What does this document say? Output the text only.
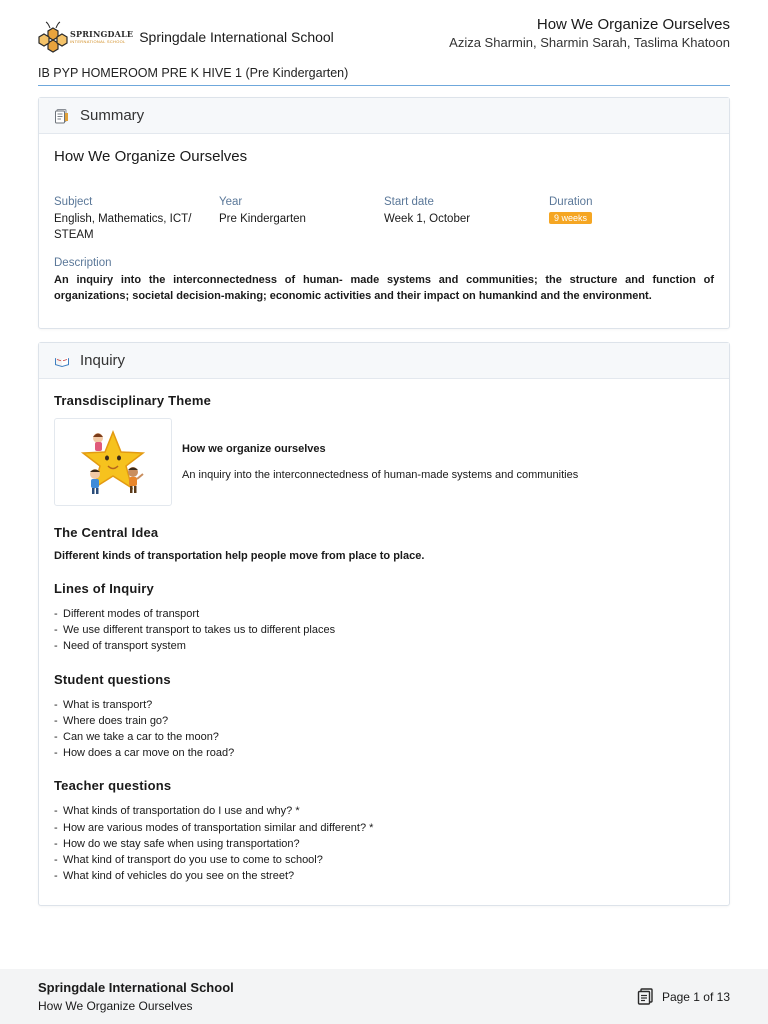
SPRINGDALE
INTERNATIONAL SCHOOL Springdale International School
How We Organize Ourselves
Aziza Sharmin, Sharmin Sarah, Taslima Khatoon
IB PYP HOMEROOM PRE K HIVE 1 (Pre Kindergarten)
Summary
How We Organize Ourselves
Subject
English, Mathematics, ICT/ STEAM
Year
Pre Kindergarten
Start date
Week 1, October
Duration
9 weeks
Description
An inquiry into the interconnectedness of human- made systems and communities; the structure and function of organizations; societal decision-making; economic activities and their impact on humankind and the environment.
Inquiry
Transdisciplinary Theme
How we organize ourselves
An inquiry into the interconnectedness of human-made systems and communities
The Central Idea
Different kinds of transportation help people move from place to place.
Lines of Inquiry
- Different modes of transport
- We use different transport to takes us to different places
- Need of transport system
Student questions
- What is transport?
- Where does train go?
- Can we take a car to the moon?
- How does a car move on the road?
Teacher questions
- What kinds of transportation do I use and why? *
- How are various modes of transportation similar and different? *
- How do we stay safe when using transportation?
- What kind of transport do you use to come to school?
- What kind of vehicles do you see on the street?
Springdale International School
How We Organize Ourselves
Page 1 of 13
